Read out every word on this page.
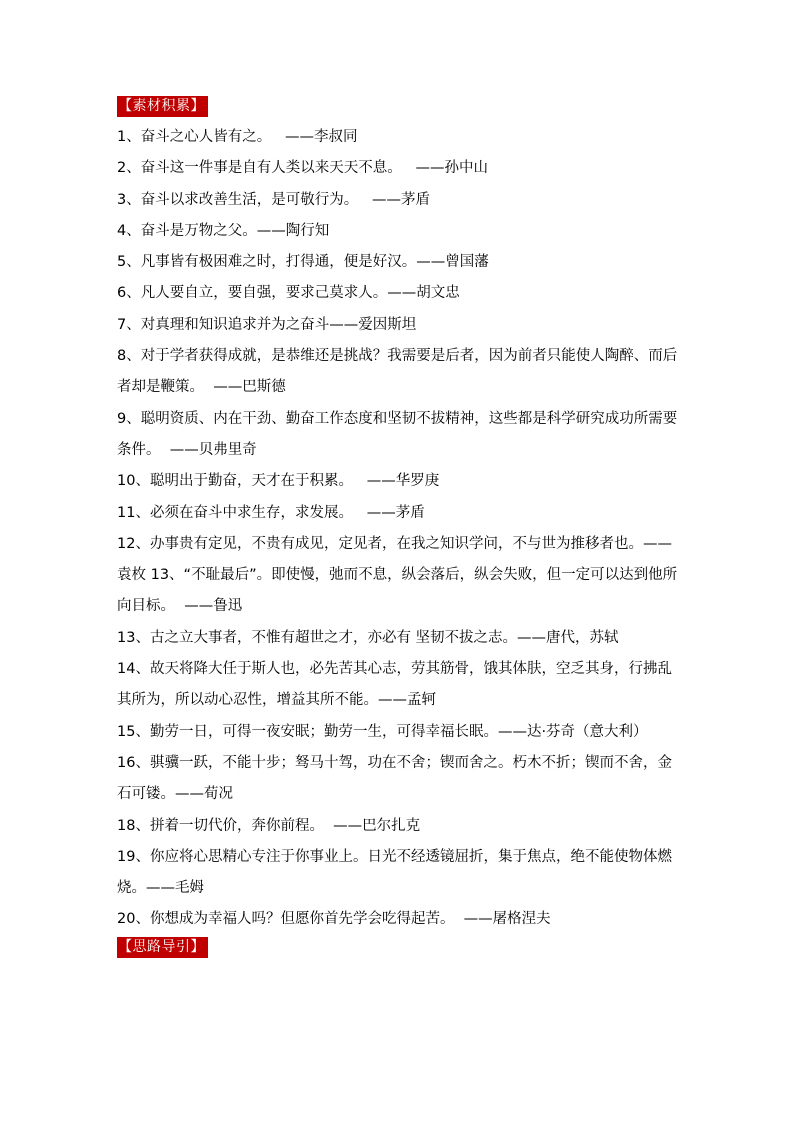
【素材积累】
1、奋斗之心人皆有之。   ——李叔同
2、奋斗这一件事是自有人类以来天天不息。   ——孙中山
3、奋斗以求改善生活，是可敬行为。   ——茅盾
4、奋斗是万物之父。——陶行知
5、凡事皆有极困难之时，打得通，便是好汉。——曾国藩
6、凡人要自立，要自强，要求己莫求人。——胡文忠
7、对真理和知识追求并为之奋斗——爱因斯坦
8、对于学者获得成就，是恭维还是挑战？我需要是后者，因为前者只能使人陶醉、而后者却是鞭策。  ——巴斯德
9、聪明资质、内在干劲、勤奋工作态度和坚韧不拔精神，这些都是科学研究成功所需要条件。  ——贝弗里奇
10、聪明出于勤奋，天才在于积累。   ——华罗庚
11、必须在奋斗中求生存，求发展。   ——茅盾
12、办事贵有定见，不贵有成见，定见者，在我之知识学问，不与世为推移者也。——袁枚 13、“不耻最后”。即使慢，弛而不息，纵会落后，纵会失败，但一定可以达到他所向目标。  ——鲁迅
13、古之立大事者，不惟有超世之才，亦必有 坚韧不拔之志。——唐代，苏轼
14、故天将降大任于斯人也，必先苦其心志，劳其筋骨，饿其体肤，空乏其身，行拂乱其所为，所以动心忍性，增益其所不能。——孟轲
15、勤劳一日，可得一夜安眠；勤劳一生，可得幸福长眠。——达·芬奇（意大利）
16、骐骥一跃，不能十步；驽马十驾，功在不舍；锲而舍之。朽木不折；锲而不舍，金石可镂。——荀况
18、拼着一切代价，奔你前程。  ——巴尔扎克
19、你应将心思精心专注于你事业上。日光不经透镜屈折，集于焦点，绝不能使物体燃烧。——毛姆
20、你想成为幸福人吗？但愿你首先学会吃得起苦。  ——屠格涅夫
【思路导引】
